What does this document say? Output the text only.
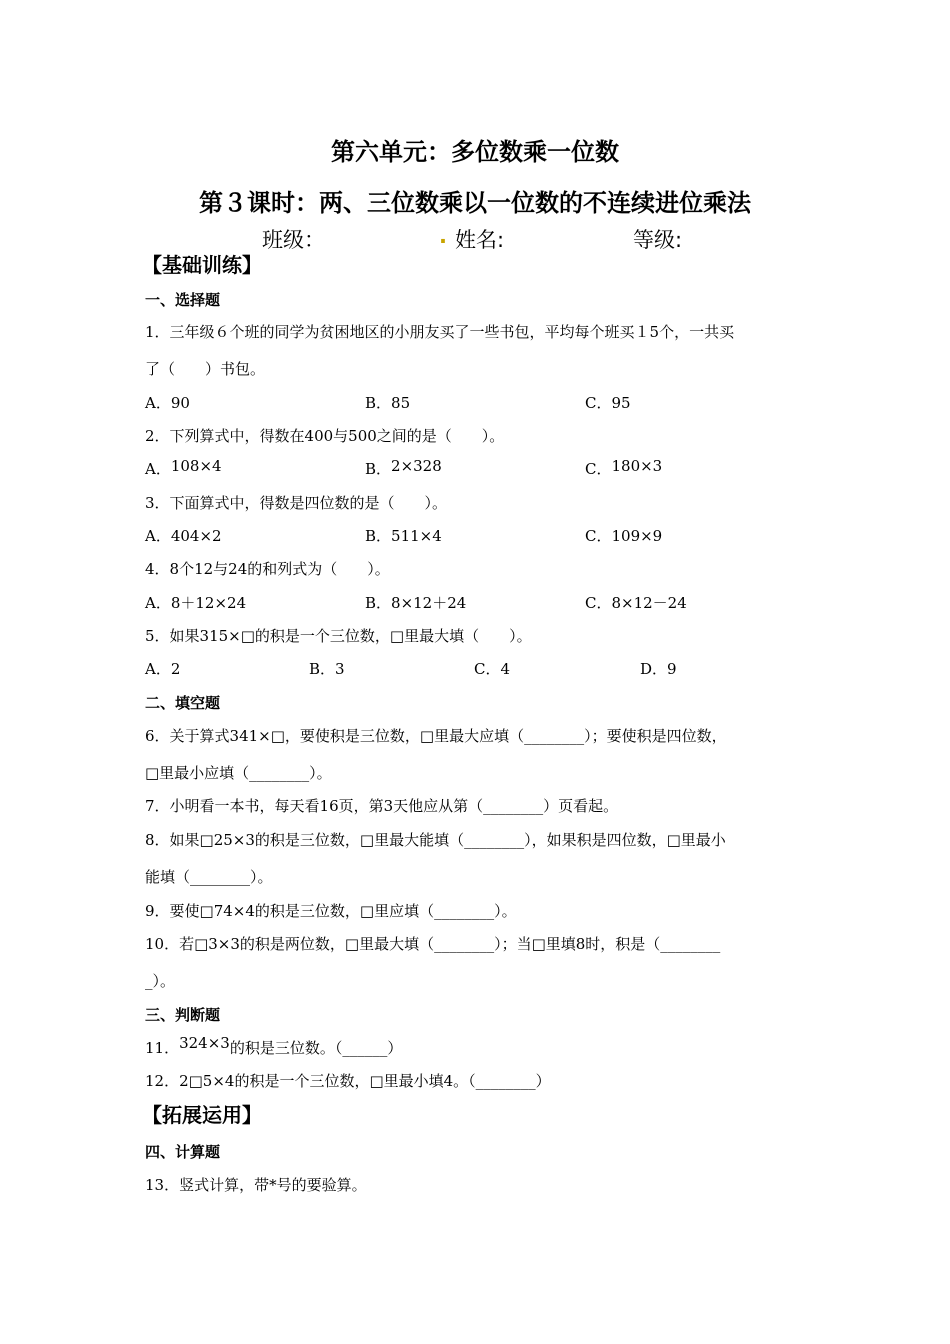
第六单元：多位数乘一位数
第３课时：两、三位数乘以一位数的不连续进位乘法
班级：	. 姓名:	等级:
【基础训练】
一、选择题
1．三年级６个班的同学为贫困地区的小朋友买了一些书包，平均每个班买１5个，一共买
了（　　）书包。
A．90	B．85	C．95
2．下列算式中，得数在400与500之间的是（　　）。
A．108×4	B．2×328	C．180×3
3．下面算式中，得数是四位数的是（　　）。
A．404×2	B．511×4	C．109×9
4．8个12与24的和列式为（　　）。
A．8＋12×24	B．8×12＋24	C．8×12－24
5．如果315×□的积是一个三位数，□里最大填（　　）。
A．2	B．3	C．4	D．9
二、填空题
6．关于算式341×□，要使积是三位数，□里最大应填（________）；要使积是四位数，
□里最小应填（________）。
7．小明看一本书，每天看16页，第3天他应从第（________）页看起。
8．如果□25×3的积是三位数，□里最大能填（________），如果积是四位数，□里最小
能填（________）。
9．要使□74×4的积是三位数，□里应填（________）。
10．若□3×3的积是两位数，□里最大填（________）；当□里填8时，积是（________
_）。
三、判断题
11．324×3的积是三位数。（______）
12．2□5×4的积是一个三位数，□里最小填4。（________）
【拓展运用】
四、计算题
13．竖式计算，带*号的要验算。
